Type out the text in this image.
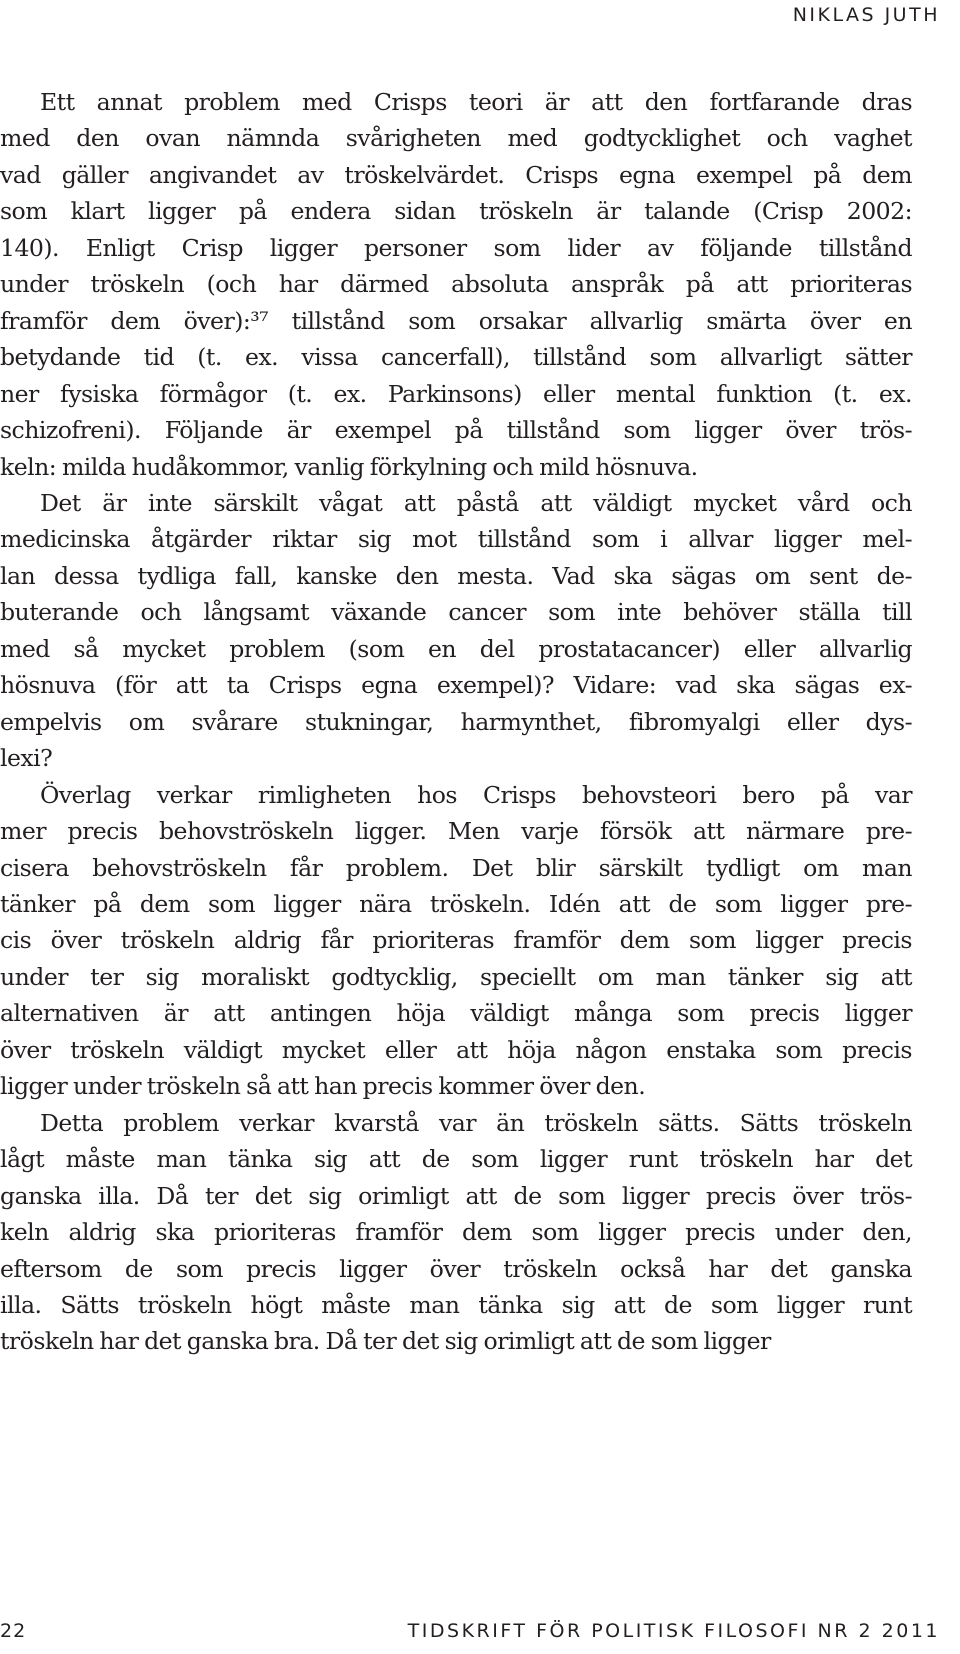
NIKLAS JUTH
Ett annat problem med Crisps teori är att den fortfarande dras
med den ovan nämnda svårigheten med godtycklighet och vaghet
vad gäller angivandet av tröskelvärdet. Crisps egna exempel på dem
som klart ligger på endera sidan tröskeln är talande (Crisp 2002:
140). Enligt Crisp ligger personer som lider av följande tillstånd
under tröskeln (och har därmed absoluta anspråk på att prioriteras
framför dem över):³⁷ tillstånd som orsakar allvarlig smärta över en
betydande tid (t. ex. vissa cancerfall), tillstånd som allvarligt sätter
ner fysiska förmågor (t. ex. Parkinsons) eller mental funktion (t. ex.
schizofreni). Följande är exempel på tillstånd som ligger över trös-
keln: milda hudåkommor, vanlig förkylning och mild hösnuva.
Det är inte särskilt vågat att påstå att väldigt mycket vård och
medicinska åtgärder riktar sig mot tillstånd som i allvar ligger mel-
lan dessa tydliga fall, kanske den mesta. Vad ska sägas om sent de-
buterande och långsamt växande cancer som inte behöver ställa till
med så mycket problem (som en del prostatacancer) eller allvarlig
hösnuva (för att ta Crisps egna exempel)? Vidare: vad ska sägas ex-
empelvis om svårare stukningar, harmynthet, fibromyalgi eller dys-
lexi?
Överlag verkar rimligheten hos Crisps behovsteori bero på var
mer precis behovströskeln ligger. Men varje försök att närmare pre-
cisera behovströskeln får problem. Det blir särskilt tydligt om man
tänker på dem som ligger nära tröskeln. Idén att de som ligger pre-
cis över tröskeln aldrig får prioriteras framför dem som ligger precis
under ter sig moraliskt godtycklig, speciellt om man tänker sig att
alternativen är att antingen höja väldigt många som precis ligger
över tröskeln väldigt mycket eller att höja någon enstaka som precis
ligger under tröskeln så att han precis kommer över den.
Detta problem verkar kvarstå var än tröskeln sätts. Sätts tröskeln
lågt måste man tänka sig att de som ligger runt tröskeln har det
ganska illa. Då ter det sig orimligt att de som ligger precis över trös-
keln aldrig ska prioriteras framför dem som ligger precis under den,
eftersom de som precis ligger över tröskeln också har det ganska
illa. Sätts tröskeln högt måste man tänka sig att de som ligger runt
tröskeln har det ganska bra. Då ter det sig orimligt att de som ligger
22	TIDSKRIFT FÖR POLITISK FILOSOFI NR 2 2011
